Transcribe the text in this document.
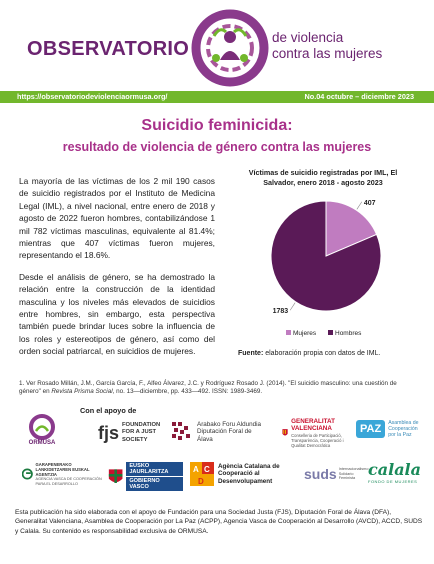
OBSERVATORIO
de violencia
contra las mujeres
https://observatoriodeviolenciaormusa.org/	No.04 octubre – diciembre 2023
Suicidio feminicida:
resultado de violencia de género contra las mujeres

La mayoría de las víctimas de los 2 mil 190 casos de suicidio registrados por el Instituto de Medicina Legal (IML), a nivel nacional, entre enero de 2018 y agosto de 2022 fueron hombres, contabilizándose 1 mil 782 víctimas masculinas, equivalente al 81.4%; mientras que 407 víctimas fueron mujeres, representando el 18.6%.

Desde el análisis de género, se ha demostrado la relación entre la construcción de la identidad masculina y los niveles más elevados de suicidios entre hombres, sin embargo, esta perspectiva también puede brindar luces sobre la influencia de los roles y estereotipos de género, así como del orden social patriarcal, en suicidios de mujeres.

Víctimas de suicidio registradas por IML, El Salvador, enero 2018 - agosto 2023
407
1783
Mujeres	Hombres
Fuente: elaboración propia con datos de IML.
1. Ver Rosado Millán, J.M., García García, F., Alfeo Álvarez, J.C. y Rodríguez Rosado J. (2014). "El suicidio masculino: una cuestión de género" en Revista Prisma Social, no. 13—diciembre, pp. 433—492. ISSN: 1989-3469.
Con el apoyo de
ORMUSA
fjs FOUNDATION FOR A JUST SOCIETY
Arabako Foru Aldundia Diputación Foral de Álava
GENERALITAT VALENCIANA
Conselleria de Participació, Transparència, Cooperació i Qualitat Democràtica
PAZ	Asamblea de Cooperación por la Paz
GARAPENERAKO LANKIDETZAREN EUSKAL AGENTZIA
AGENCIA VASCA DE COOPERACIÓN PARA EL DESARROLLO
EUSKO JAURLARITZA
GOBIERNO VASCO
A C
D
Agència Catalana de Cooperació al Desenvolupament	suds Internacionalismo Solidario Feminista calala
FONDO DE MUJERES
Esta publicación ha sido elaborada con el apoyo de Fundación para una Sociedad Justa (FJS), Diputación Foral de Álava (DFA), Generalitat Valenciana, Asamblea de Cooperación por La Paz (ACPP), Agencia Vasca de Cooperación al Desarrollo (AVCD), ACCD, SUDS y Calala. Su contenido es responsabilidad exclusiva de ORMUSA.
